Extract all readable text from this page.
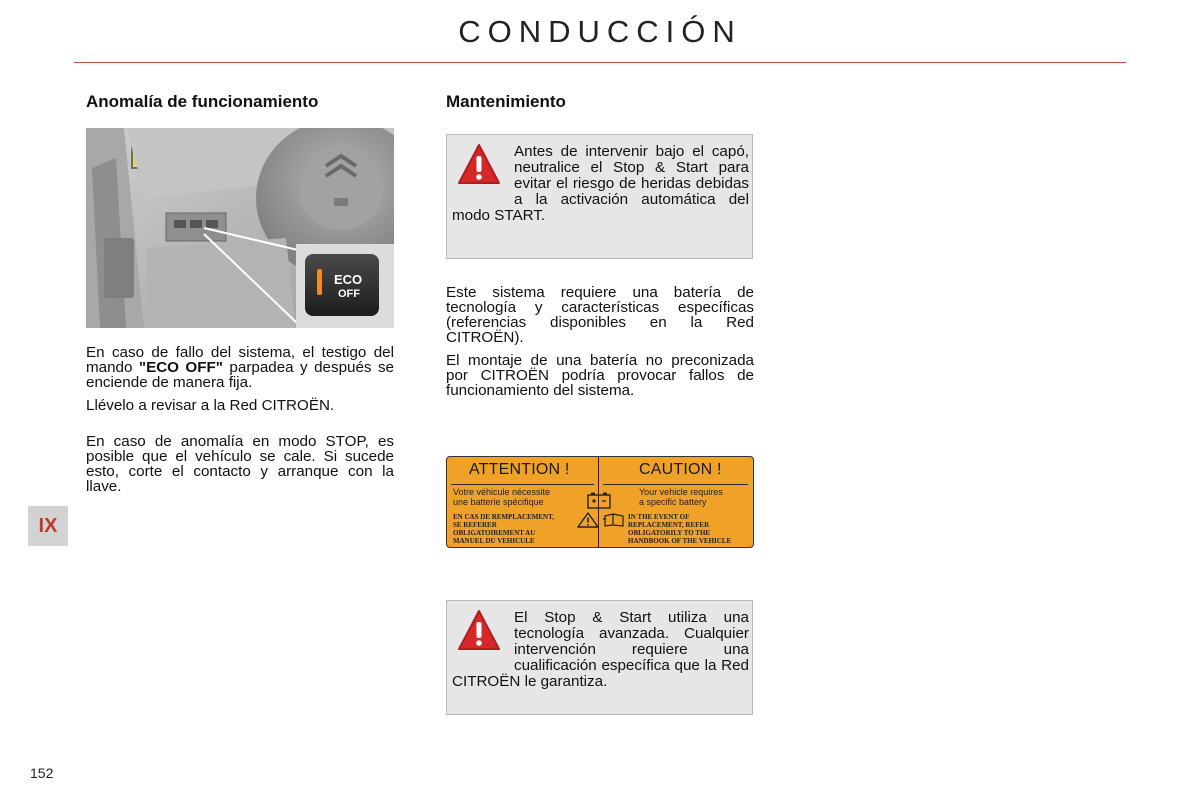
CONDUCCIÓN
Anomalía de funcionamiento
ECO
OFF

En caso de fallo del sistema, el testigo del mando "ECO OFF" parpadea y después se enciende de manera fija.

Llévelo a revisar a la Red CITROËN.

En caso de anomalía en modo STOP, es posible que el vehículo se cale. Si sucede esto, corte el contacto y arranque con la llave.

Mantenimiento

Antes de intervenir bajo el capó, neutralice el Stop & Start para evitar el riesgo de heridas debidas a la activación automática del modo START.

Este sistema requiere una batería de tecnología y características específicas (referencias disponibles en la Red CITROËN).

El montaje de una batería no preconizada por CITROËN podría provocar fallos de funcionamiento del sistema.

ATTENTION !	CAUTION !
Votre véhicule nécessite
une batterie spécifique
Your vehicle requires
a specific battery
EN CAS DE REMPLACEMENT,
SE REFERER
OBLIGATOIREMENT AU
MANUEL DU VEHICULE
IN THE EVENT OF
REPLACEMENT, REFER
OBLIGATORILY TO THE
HANDBOOK OF THE VEHICLE

El Stop & Start utiliza una tecnología avanzada. Cualquier intervención requiere una cualificación específica que la Red CITROËN le garantiza.

IX
152
